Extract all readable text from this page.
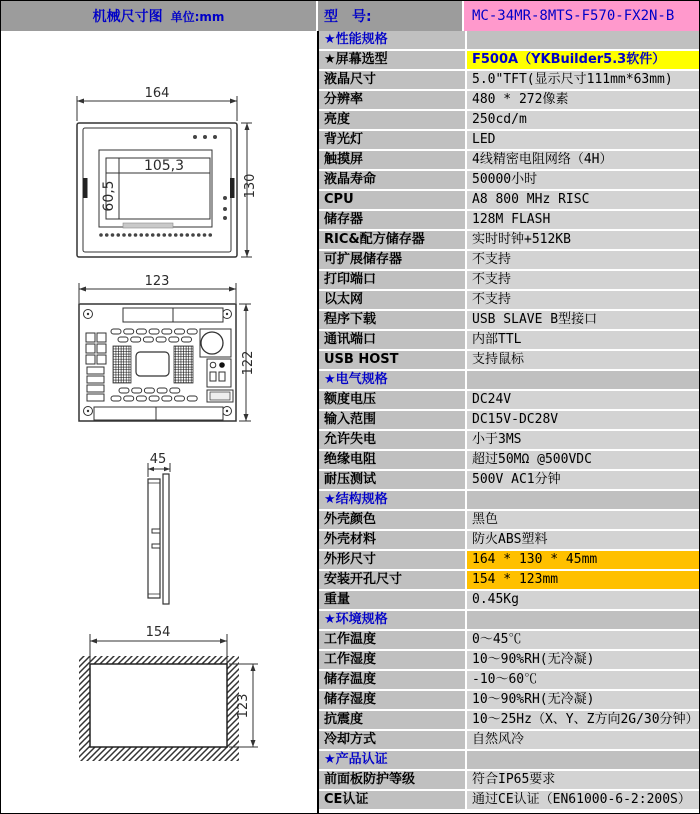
机械尺寸图 单位:mm	型　号:	MC-34MR-8MTS-F570-FX2N-B
164
130
105,3
60,5
123
122
45
154
123
★性能规格
★屏幕选型	F500A（YKBuilder5.3软件）
液晶尺寸	5.0"TFT(显示尺寸111mm*63mm)
分辨率	480 * 272像素
亮度	250cd/m
背光灯	LED
触摸屏	4线精密电阻网络（4H）
液晶寿命	50000小时
CPU	A8 800 MHz RISC
储存器	128M FLASH
RIC&配方储存器	实时时钟+512KB
可扩展储存器	不支持
打印端口	不支持
以太网	不支持
程序下载	USB SLAVE B型接口
通讯端口	内部TTL
USB HOST	支持鼠标
★电气规格
额度电压	DC24V
输入范围	DC15V-DC28V
允许失电	小于3MS
绝缘电阻	超过50MΩ @500VDC
耐压测试	500V AC1分钟
★结构规格
外壳颜色	黑色
外壳材料	防火ABS塑料
外形尺寸	164 * 130 * 45mm
安装开孔尺寸	154 * 123mm
重量	0.45Kg
★环境规格
工作温度	0～45℃
工作湿度	10～90%RH(无冷凝)
储存温度	-10～60℃
储存湿度	10～90%RH(无冷凝)
抗震度	10～25Hz（X、Y、Z方向2G/30分钟）
冷却方式	自然风冷
★产品认证
前面板防护等级	符合IP65要求
CE认证	通过CE认证（EN61000-6-2:200S）
